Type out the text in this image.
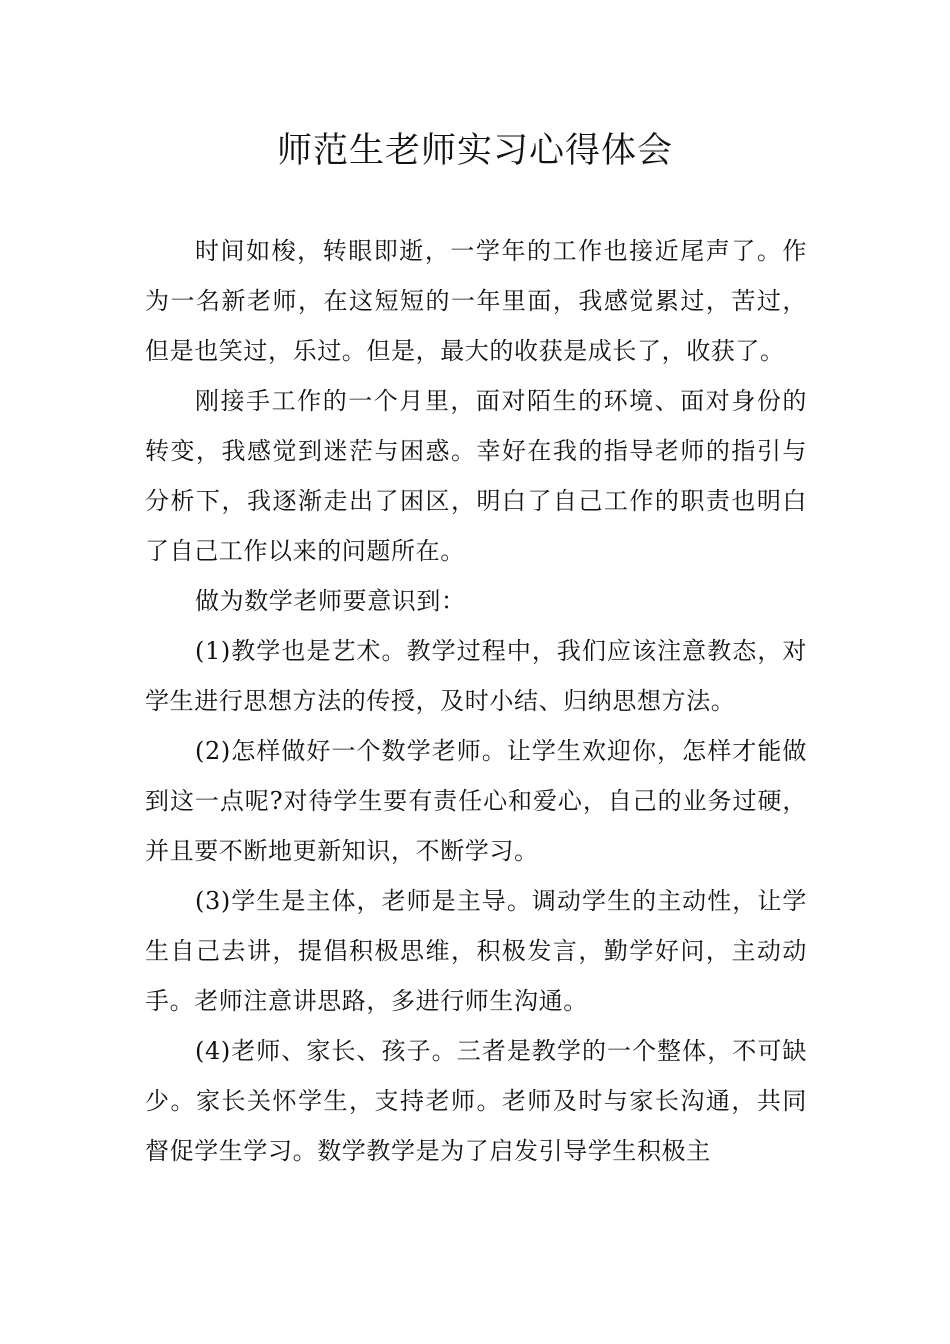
师范生老师实习心得体会

时间如梭，转眼即逝，一学年的工作也接近尾声了。作为一名新老师，在这短短的一年里面，我感觉累过，苦过，但是也笑过，乐过。但是，最大的收获是成长了，收获了。

刚接手工作的一个月里，面对陌生的环境、面对身份的转变，我感觉到迷茫与困惑。幸好在我的指导老师的指引与分析下，我逐渐走出了困区，明白了自己工作的职责也明白了自己工作以来的问题所在。

做为数学老师要意识到：

(1)教学也是艺术。教学过程中，我们应该注意教态，对学生进行思想方法的传授，及时小结、归纳思想方法。

(2)怎样做好一个数学老师。让学生欢迎你，怎样才能做到这一点呢?对待学生要有责任心和爱心，自己的业务过硬，并且要不断地更新知识，不断学习。

(3)学生是主体，老师是主导。调动学生的主动性，让学生自己去讲，提倡积极思维，积极发言，勤学好问，主动动手。老师注意讲思路，多进行师生沟通。

(4)老师、家长、孩子。三者是教学的一个整体，不可缺少。家长关怀学生，支持老师。老师及时与家长沟通，共同督促学生学习。数学教学是为了启发引导学生积极主
